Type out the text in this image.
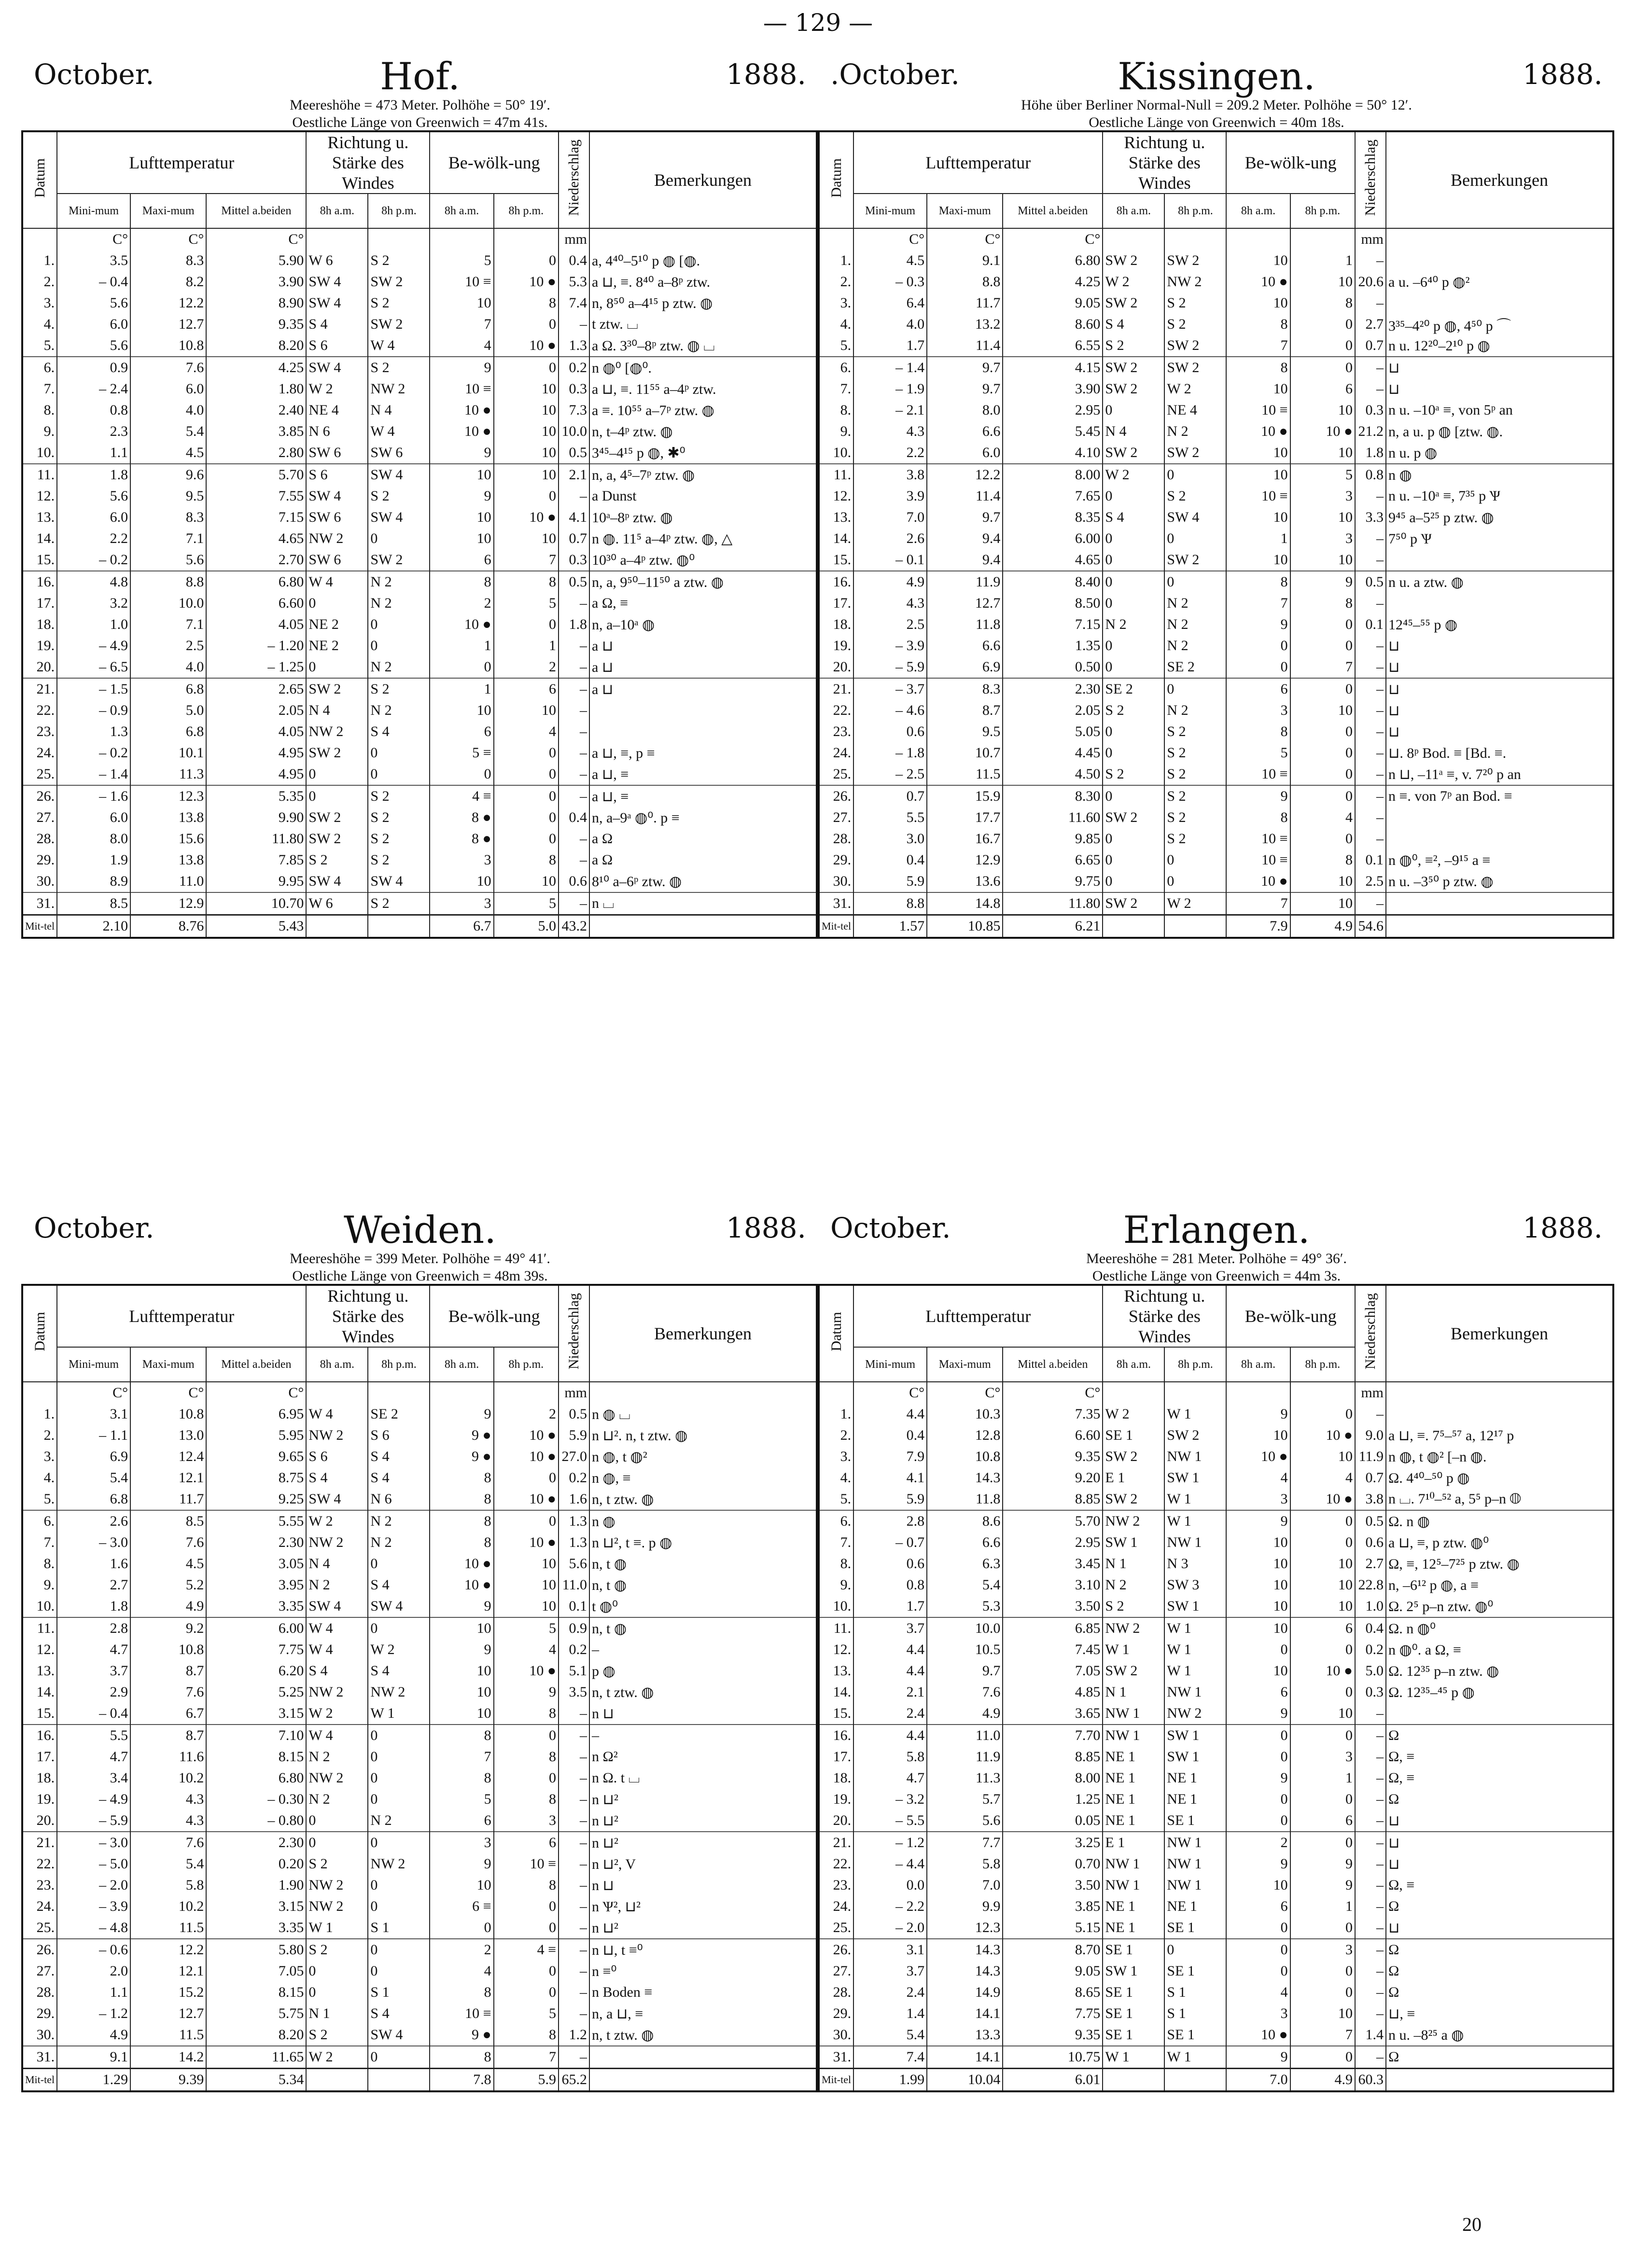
— 129 —
October.	Hof.	1888.
Meereshöhe = 473 Meter. Polhöhe = 50° 19′.
Oestliche Länge von Greenwich = 47m 41s.
Datum	Lufttemperatur			Richtung u. Stärke des Windes		Be-wölk-ung		Niederschlag	Bemerkungen
	Mini-mum	Maxi-mum	Mittel a.beiden	8h a.m.	8h p.m.	8h a.m.	8h p.m.		
	C°	C°	C°					mm	
1.	3.5	8.3	5.90	W 6	S 2	5	0	0.4	a, 4⁴⁰–5¹⁰ p ◍ [◍.
2.	– 0.4	8.2	3.90	SW 4	SW 2	10 ≡	10 ●	5.3	a ⊔, ≡. 8⁴⁰ a–8ᵖ ztw.
3.	5.6	12.2	8.90	SW 4	S 2	10	8	7.4	n, 8⁵⁰ a–4¹⁵ p ztw. ◍
4.	6.0	12.7	9.35	S 4	SW 2	7	0	–	t ztw. ⌴
5.	5.6	10.8	8.20	S 6	W 4	4	10 ●	1.3	a Ω. 3³⁰–8ᵖ ztw. ◍ ⌴
6.	0.9	7.6	4.25	SW 4	S 2	9	0	0.2	n ◍⁰ [◍⁰.
7.	– 2.4	6.0	1.80	W 2	NW 2	10 ≡	10	0.3	a ⊔, ≡. 11⁵⁵ a–4ᵖ ztw.
8.	0.8	4.0	2.40	NE 4	N 4	10 ●	10	7.3	a ≡. 10⁵⁵ a–7ᵖ ztw. ◍
9.	2.3	5.4	3.85	N 6	W 4	10 ●	10	10.0	n, t–4ᵖ ztw. ◍
10.	1.1	4.5	2.80	SW 6	SW 6	9	10	0.5	3⁴⁵–4¹⁵ p ◍, ✱⁰
11.	1.8	9.6	5.70	S 6	SW 4	10	10	2.1	n, a, 4⁵–7ᵖ ztw. ◍
12.	5.6	9.5	7.55	SW 4	S 2	9	0	–	a Dunst
13.	6.0	8.3	7.15	SW 6	SW 4	10	10 ●	4.1	10ᵃ–8ᵖ ztw. ◍
14.	2.2	7.1	4.65	NW 2	0	10	10	0.7	n ◍. 11⁵ a–4ᵖ ztw. ◍, △
15.	– 0.2	5.6	2.70	SW 6	SW 2	6	7	0.3	10³⁰ a–4ᵖ ztw. ◍⁰
16.	4.8	8.8	6.80	W 4	N 2	8	8	0.5	n, a, 9⁵⁰–11⁵⁰ a ztw. ◍
17.	3.2	10.0	6.60	0	N 2	2	5	–	a Ω, ≡
18.	1.0	7.1	4.05	NE 2	0	10 ●	0	1.8	n, a–10ᵃ ◍
19.	– 4.9	2.5	– 1.20	NE 2	0	1	1	–	a ⊔
20.	– 6.5	4.0	– 1.25	0	N 2	0	2	–	a ⊔
21.	– 1.5	6.8	2.65	SW 2	S 2	1	6	–	a ⊔
22.	– 0.9	5.0	2.05	N 4	N 2	10	10	–	
23.	1.3	6.8	4.05	NW 2	S 4	6	4	–	
24.	– 0.2	10.1	4.95	SW 2	0	5 ≡	0	–	a ⊔, ≡, p ≡
25.	– 1.4	11.3	4.95	0	0	0	0	–	a ⊔, ≡
26.	– 1.6	12.3	5.35	0	S 2	4 ≡	0	–	a ⊔, ≡
27.	6.0	13.8	9.90	SW 2	S 2	8 ●	0	0.4	n, a–9ᵃ ◍⁰. p ≡
28.	8.0	15.6	11.80	SW 2	S 2	8 ●	0	–	a Ω
29.	1.9	13.8	7.85	S 2	S 2	3	8	–	a Ω
30.	8.9	11.0	9.95	SW 4	SW 4	10	10	0.6	8¹⁰ a–6ᵖ ztw. ◍
31.	8.5	12.9	10.70	W 6	S 2	3	5	–	n ⌴
Mit-tel	2.10	8.76	5.43			6.7	5.0	43.2	
.October.	Kissingen.	1888.
Höhe über Berliner Normal-Null = 209.2 Meter. Polhöhe = 50° 12′.
Oestliche Länge von Greenwich = 40m 18s.
Datum	Lufttemperatur			Richtung u. Stärke des Windes		Be-wölk-ung		Niederschlag	Bemerkungen
	Mini-mum	Maxi-mum	Mittel a.beiden	8h a.m.	8h p.m.	8h a.m.	8h p.m.		
	C°	C°	C°					mm	
1.	4.5	9.1	6.80	SW 2	SW 2	10	1	–	
2.	– 0.3	8.8	4.25	W 2	NW 2	10 ●	10	20.6	a u. –6⁴⁰ p ◍²
3.	6.4	11.7	9.05	SW 2	S 2	10	8	–	
4.	4.0	13.2	8.60	S 4	S 2	8	0	2.7	3³⁵–4²⁰ p ◍, 4⁵⁰ p ⌒
5.	1.7	11.4	6.55	S 2	SW 2	7	0	0.7	n u. 12²⁰–2¹⁰ p ◍
6.	– 1.4	9.7	4.15	SW 2	SW 2	8	0	–	⊔
7.	– 1.9	9.7	3.90	SW 2	W 2	10	6	–	⊔
8.	– 2.1	8.0	2.95	0	NE 4	10 ≡	10	0.3	n u. –10ᵃ ≡, von 5ᵖ an
9.	4.3	6.6	5.45	N 4	N 2	10 ●	10 ●	21.2	n, a u. p ◍ [ztw. ◍.
10.	2.2	6.0	4.10	SW 2	SW 2	10	10	1.8	n u. p ◍
11.	3.8	12.2	8.00	W 2	0	10	5	0.8	n ◍
12.	3.9	11.4	7.65	0	S 2	10 ≡	3	–	n u. –10ᵃ ≡, 7³⁵ p Ѱ
13.	7.0	9.7	8.35	S 4	SW 4	10	10	3.3	9⁴⁵ a–5²⁵ p ztw. ◍
14.	2.6	9.4	6.00	0	0	1	3	–	7⁵⁰ p Ѱ
15.	– 0.1	9.4	4.65	0	SW 2	10	10	–	
16.	4.9	11.9	8.40	0	0	8	9	0.5	n u. a ztw. ◍
17.	4.3	12.7	8.50	0	N 2	7	8	–	
18.	2.5	11.8	7.15	N 2	N 2	9	0	0.1	12⁴⁵–⁵⁵ p ◍
19.	– 3.9	6.6	1.35	0	N 2	0	0	–	⊔
20.	– 5.9	6.9	0.50	0	SE 2	0	7	–	⊔
21.	– 3.7	8.3	2.30	SE 2	0	6	0	–	⊔
22.	– 4.6	8.7	2.05	S 2	N 2	3	10	–	⊔
23.	0.6	9.5	5.05	0	S 2	8	0	–	⊔
24.	– 1.8	10.7	4.45	0	S 2	5	0	–	⊔. 8ᵖ Bod. ≡ [Bd. ≡.
25.	– 2.5	11.5	4.50	S 2	S 2	10 ≡	0	–	n ⊔, –11ᵃ ≡, v. 7²⁰ p an
26.	0.7	15.9	8.30	0	S 2	9	0	–	n ≡. von 7ᵖ an Bod. ≡
27.	5.5	17.7	11.60	SW 2	S 2	8	4	–	
28.	3.0	16.7	9.85	0	S 2	10 ≡	0	–	
29.	0.4	12.9	6.65	0	0	10 ≡	8	0.1	n ◍⁰, ≡², –9¹⁵ a ≡
30.	5.9	13.6	9.75	0	0	10 ●	10	2.5	n u. –3⁵⁰ p ztw. ◍
31.	8.8	14.8	11.80	SW 2	W 2	7	10	–	
Mit-tel	1.57	10.85	6.21			7.9	4.9	54.6	
October.	Weiden.	1888.
Meereshöhe = 399 Meter. Polhöhe = 49° 41′.
Oestliche Länge von Greenwich = 48m 39s.
Datum	Lufttemperatur			Richtung u. Stärke des Windes		Be-wölk-ung		Niederschlag	Bemerkungen
	Mini-mum	Maxi-mum	Mittel a.beiden	8h a.m.	8h p.m.	8h a.m.	8h p.m.		
	C°	C°	C°					mm	
1.	3.1	10.8	6.95	W 4	SE 2	9	2	0.5	n ◍ ⌴
2.	– 1.1	13.0	5.95	NW 2	S 6	9 ●	10 ●	5.9	n ⊔². n, t ztw. ◍
3.	6.9	12.4	9.65	S 6	S 4	9 ●	10 ●	27.0	n ◍, t ◍²
4.	5.4	12.1	8.75	S 4	S 4	8	0	0.2	n ◍, ≡
5.	6.8	11.7	9.25	SW 4	N 6	8	10 ●	1.6	n, t ztw. ◍
6.	2.6	8.5	5.55	W 2	N 2	8	0	1.3	n ◍
7.	– 3.0	7.6	2.30	NW 2	N 2	8	10 ●	1.3	n ⊔², t ≡. p ◍
8.	1.6	4.5	3.05	N 4	0	10 ●	10	5.6	n, t ◍
9.	2.7	5.2	3.95	N 2	S 4	10 ●	10	11.0	n, t ◍
10.	1.8	4.9	3.35	SW 4	SW 4	9	10	0.1	t ◍⁰
11.	2.8	9.2	6.00	W 4	0	10	5	0.9	n, t ◍
12.	4.7	10.8	7.75	W 4	W 2	9	4	0.2	–
13.	3.7	8.7	6.20	S 4	S 4	10	10 ●	5.1	p ◍
14.	2.9	7.6	5.25	NW 2	NW 2	10	9	3.5	n, t ztw. ◍
15.	– 0.4	6.7	3.15	W 2	W 1	10	8	–	n ⊔
16.	5.5	8.7	7.10	W 4	0	8	0	–	–
17.	4.7	11.6	8.15	N 2	0	7	8	–	n Ω²
18.	3.4	10.2	6.80	NW 2	0	8	0	–	n Ω. t ⌴
19.	– 4.9	4.3	– 0.30	N 2	0	5	8	–	n ⊔²
20.	– 5.9	4.3	– 0.80	0	N 2	6	3	–	n ⊔²
21.	– 3.0	7.6	2.30	0	0	3	6	–	n ⊔²
22.	– 5.0	5.4	0.20	S 2	NW 2	9	10 ≡	–	n ⊔², V
23.	– 2.0	5.8	1.90	NW 2	0	10	8	–	n ⊔
24.	– 3.9	10.2	3.15	NW 2	0	6 ≡	0	–	n Ѱ², ⊔²
25.	– 4.8	11.5	3.35	W 1	S 1	0	0	–	n ⊔²
26.	– 0.6	12.2	5.80	S 2	0	2	4 ≡	–	n ⊔, t ≡⁰
27.	2.0	12.1	7.05	0	0	4	0	–	n ≡⁰
28.	1.1	15.2	8.15	0	S 1	8	0	–	n Boden ≡
29.	– 1.2	12.7	5.75	N 1	S 4	10 ≡	5	–	n, a ⊔, ≡
30.	4.9	11.5	8.20	S 2	SW 4	9 ●	8	1.2	n, t ztw. ◍
31.	9.1	14.2	11.65	W 2	0	8	7	–	
Mit-tel	1.29	9.39	5.34			7.8	5.9	65.2	
October.	Erlangen.	1888.
Meereshöhe = 281 Meter. Polhöhe = 49° 36′.
Oestliche Länge von Greenwich = 44m 3s.
Datum	Lufttemperatur			Richtung u. Stärke des Windes		Be-wölk-ung		Niederschlag	Bemerkungen
	Mini-mum	Maxi-mum	Mittel a.beiden	8h a.m.	8h p.m.	8h a.m.	8h p.m.		
	C°	C°	C°					mm	
1.	4.4	10.3	7.35	W 2	W 1	9	0	–	
2.	0.4	12.8	6.60	SE 1	SW 2	10	10 ●	9.0	a ⊔, ≡. 7⁵–⁵⁷ a, 12¹⁷ p
3.	7.9	10.8	9.35	SW 2	NW 1	10 ●	10	11.9	n ◍, t ◍² [–n ◍.
4.	4.1	14.3	9.20	E 1	SW 1	4	4	0.7	Ω. 4⁴⁰–⁵⁰ p ◍
5.	5.9	11.8	8.85	SW 2	W 1	3	10 ●	3.8	n ⌴. 7¹⁰–⁵² a, 5⁵ p–n ◍
6.	2.8	8.6	5.70	NW 2	W 1	9	0	0.5	Ω. n ◍
7.	– 0.7	6.6	2.95	SW 1	NW 1	10	0	0.6	a ⊔, ≡, p ztw. ◍⁰
8.	0.6	6.3	3.45	N 1	N 3	10	10	2.7	Ω, ≡, 12⁵–7²⁵ p ztw. ◍
9.	0.8	5.4	3.10	N 2	SW 3	10	10	22.8	n, –6¹² p ◍, a ≡
10.	1.7	5.3	3.50	S 2	SW 1	10	10	1.0	Ω. 2⁵ p–n ztw. ◍⁰
11.	3.7	10.0	6.85	NW 2	W 1	10	6	0.4	Ω. n ◍⁰
12.	4.4	10.5	7.45	W 1	W 1	0	0	0.2	n ◍⁰. a Ω, ≡
13.	4.4	9.7	7.05	SW 2	W 1	10	10 ●	5.0	Ω. 12³⁵ p–n ztw. ◍
14.	2.1	7.6	4.85	N 1	NW 1	6	0	0.3	Ω. 12³⁵–⁴⁵ p ◍
15.	2.4	4.9	3.65	NW 1	NW 2	9	10	–	
16.	4.4	11.0	7.70	NW 1	SW 1	0	0	–	Ω
17.	5.8	11.9	8.85	NE 1	SW 1	0	3	–	Ω, ≡
18.	4.7	11.3	8.00	NE 1	NE 1	9	1	–	Ω, ≡
19.	– 3.2	5.7	1.25	NE 1	NE 1	0	0	–	Ω
20.	– 5.5	5.6	0.05	NE 1	SE 1	0	6	–	⊔
21.	– 1.2	7.7	3.25	E 1	NW 1	2	0	–	⊔
22.	– 4.4	5.8	0.70	NW 1	NW 1	9	9	–	⊔
23.	0.0	7.0	3.50	NW 1	NW 1	10	9	–	Ω, ≡
24.	– 2.2	9.9	3.85	NE 1	NE 1	6	1	–	Ω
25.	– 2.0	12.3	5.15	NE 1	SE 1	0	0	–	⊔
26.	3.1	14.3	8.70	SE 1	0	0	3	–	Ω
27.	3.7	14.3	9.05	SW 1	SE 1	0	0	–	Ω
28.	2.4	14.9	8.65	SE 1	S 1	4	0	–	Ω
29.	1.4	14.1	7.75	SE 1	S 1	3	10	–	⊔, ≡
30.	5.4	13.3	9.35	SE 1	SE 1	10 ●	7	1.4	n u. –8²⁵ a ◍
31.	7.4	14.1	10.75	W 1	W 1	9	0	–	Ω
Mit-tel	1.99	10.04	6.01			7.0	4.9	60.3	
20
